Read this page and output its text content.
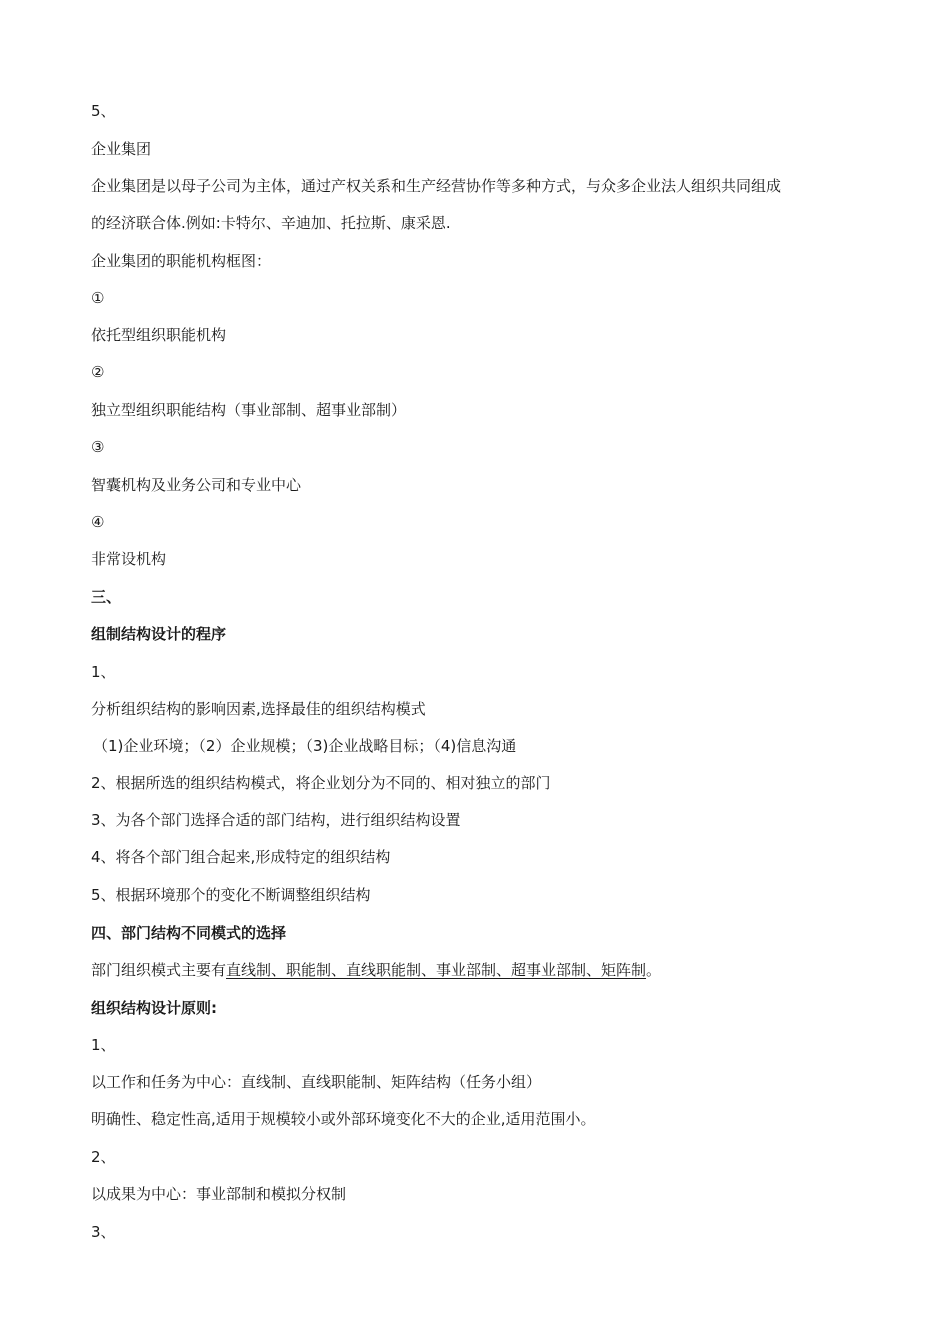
5、
企业集团
企业集团是以母子公司为主体，通过产权关系和生产经营协作等多种方式，与众多企业法人组织共同组成
的经济联合体.例如:卡特尔、辛迪加、托拉斯、康采恩.
企业集团的职能机构框图：
①
依托型组织职能机构
②
独立型组织职能结构（事业部制、超事业部制）
③
智囊机构及业务公司和专业中心
④
非常设机构
三、
组制结构设计的程序
1、
分析组织结构的影响因素,选择最佳的组织结构模式
（1)企业环境；（2）企业规模；（3)企业战略目标；（4)信息沟通
2、根据所选的组织结构模式，将企业划分为不同的、相对独立的部门
3、为各个部门选择合适的部门结构，进行组织结构设置
4、将各个部门组合起来,形成特定的组织结构
5、根据环境那个的变化不断调整组织结构
四、部门结构不同模式的选择
部门组织模式主要有直线制、职能制、直线职能制、事业部制、超事业部制、矩阵制。
组织结构设计原则:
1、
以工作和任务为中心：直线制、直线职能制、矩阵结构（任务小组）
明确性、稳定性高,适用于规模较小或外部环境变化不大的企业,适用范围小。
2、
以成果为中心：事业部制和模拟分权制
3、
